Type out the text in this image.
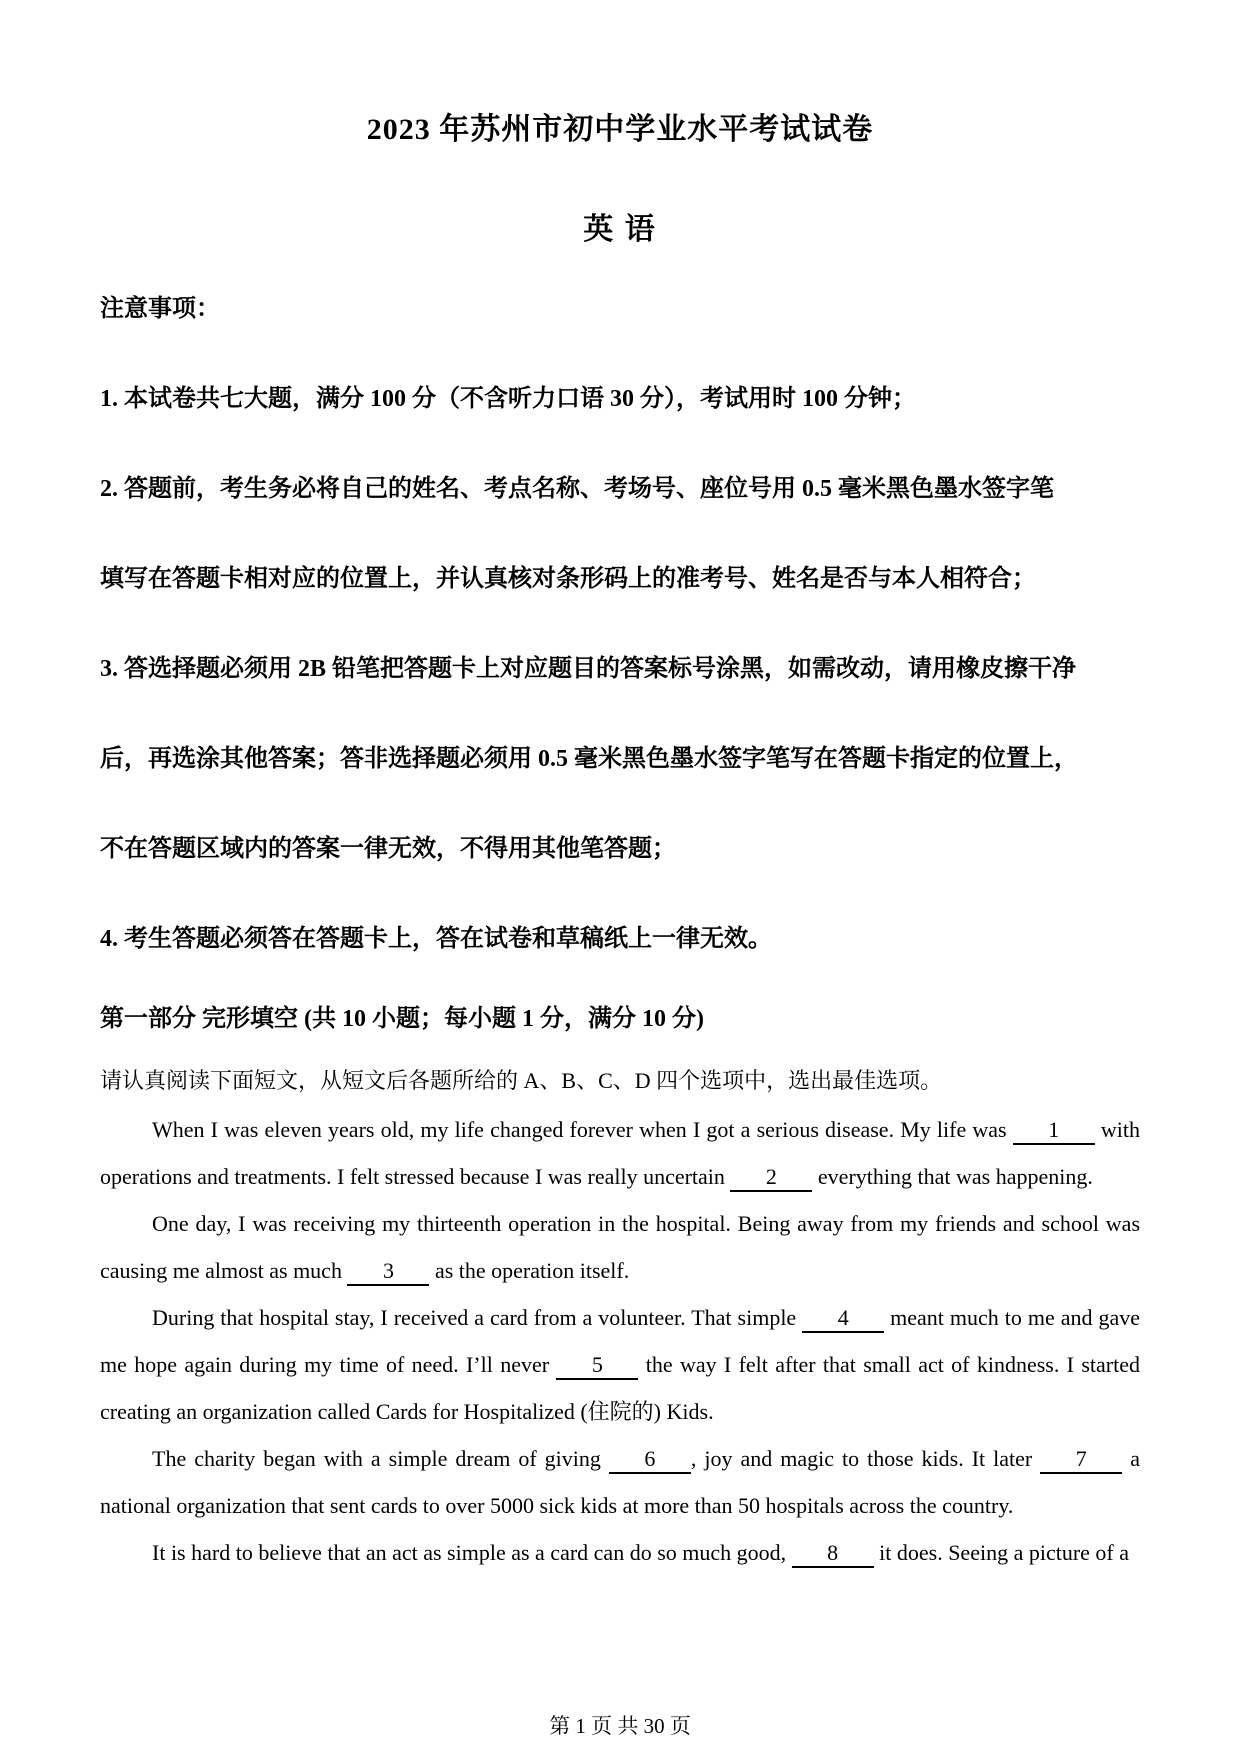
2023 年苏州市初中学业水平考试试卷
英 语
注意事项：
1. 本试卷共七大题，满分 100 分（不含听力口语 30 分），考试用时 100 分钟；
2. 答题前，考生务必将自己的姓名、考点名称、考场号、座位号用 0.5 毫米黑色墨水签字笔
填写在答题卡相对应的位置上，并认真核对条形码上的准考号、姓名是否与本人相符合；
3. 答选择题必须用 2B 铅笔把答题卡上对应题目的答案标号涂黑，如需改动，请用橡皮擦干净
后，再选涂其他答案；答非选择题必须用 0.5 毫米黑色墨水签字笔写在答题卡指定的位置上，
不在答题区域内的答案一律无效，不得用其他笔答题；
4. 考生答题必须答在答题卡上，答在试卷和草稿纸上一律无效。
第一部分 完形填空 (共 10 小题；每小题 1 分，满分 10 分)
请认真阅读下面短文，从短文后各题所给的 A、B、C、D 四个选项中，选出最佳选项。

When I was eleven years old, my life changed forever when I got a serious disease. My life was 1 with operations and treatments. I felt stressed because I was really uncertain 2 everything that was happening.

One day, I was receiving my thirteenth operation in the hospital. Being away from my friends and school was causing me almost as much 3 as the operation itself.

During that hospital stay, I received a card from a volunteer. That simple 4 meant much to me and gave me hope again during my time of need. I’ll never 5 the way I felt after that small act of kindness. I started creating an organization called Cards for Hospitalized (住院的) Kids.

The charity began with a simple dream of giving 6 , joy and magic to those kids. It later 7 a national organization that sent cards to over 5000 sick kids at more than 50 hospitals across the country.

It is hard to believe that an act as simple as a card can do so much good, 8 it does. Seeing a picture of a

第 1 页 共 30 页
